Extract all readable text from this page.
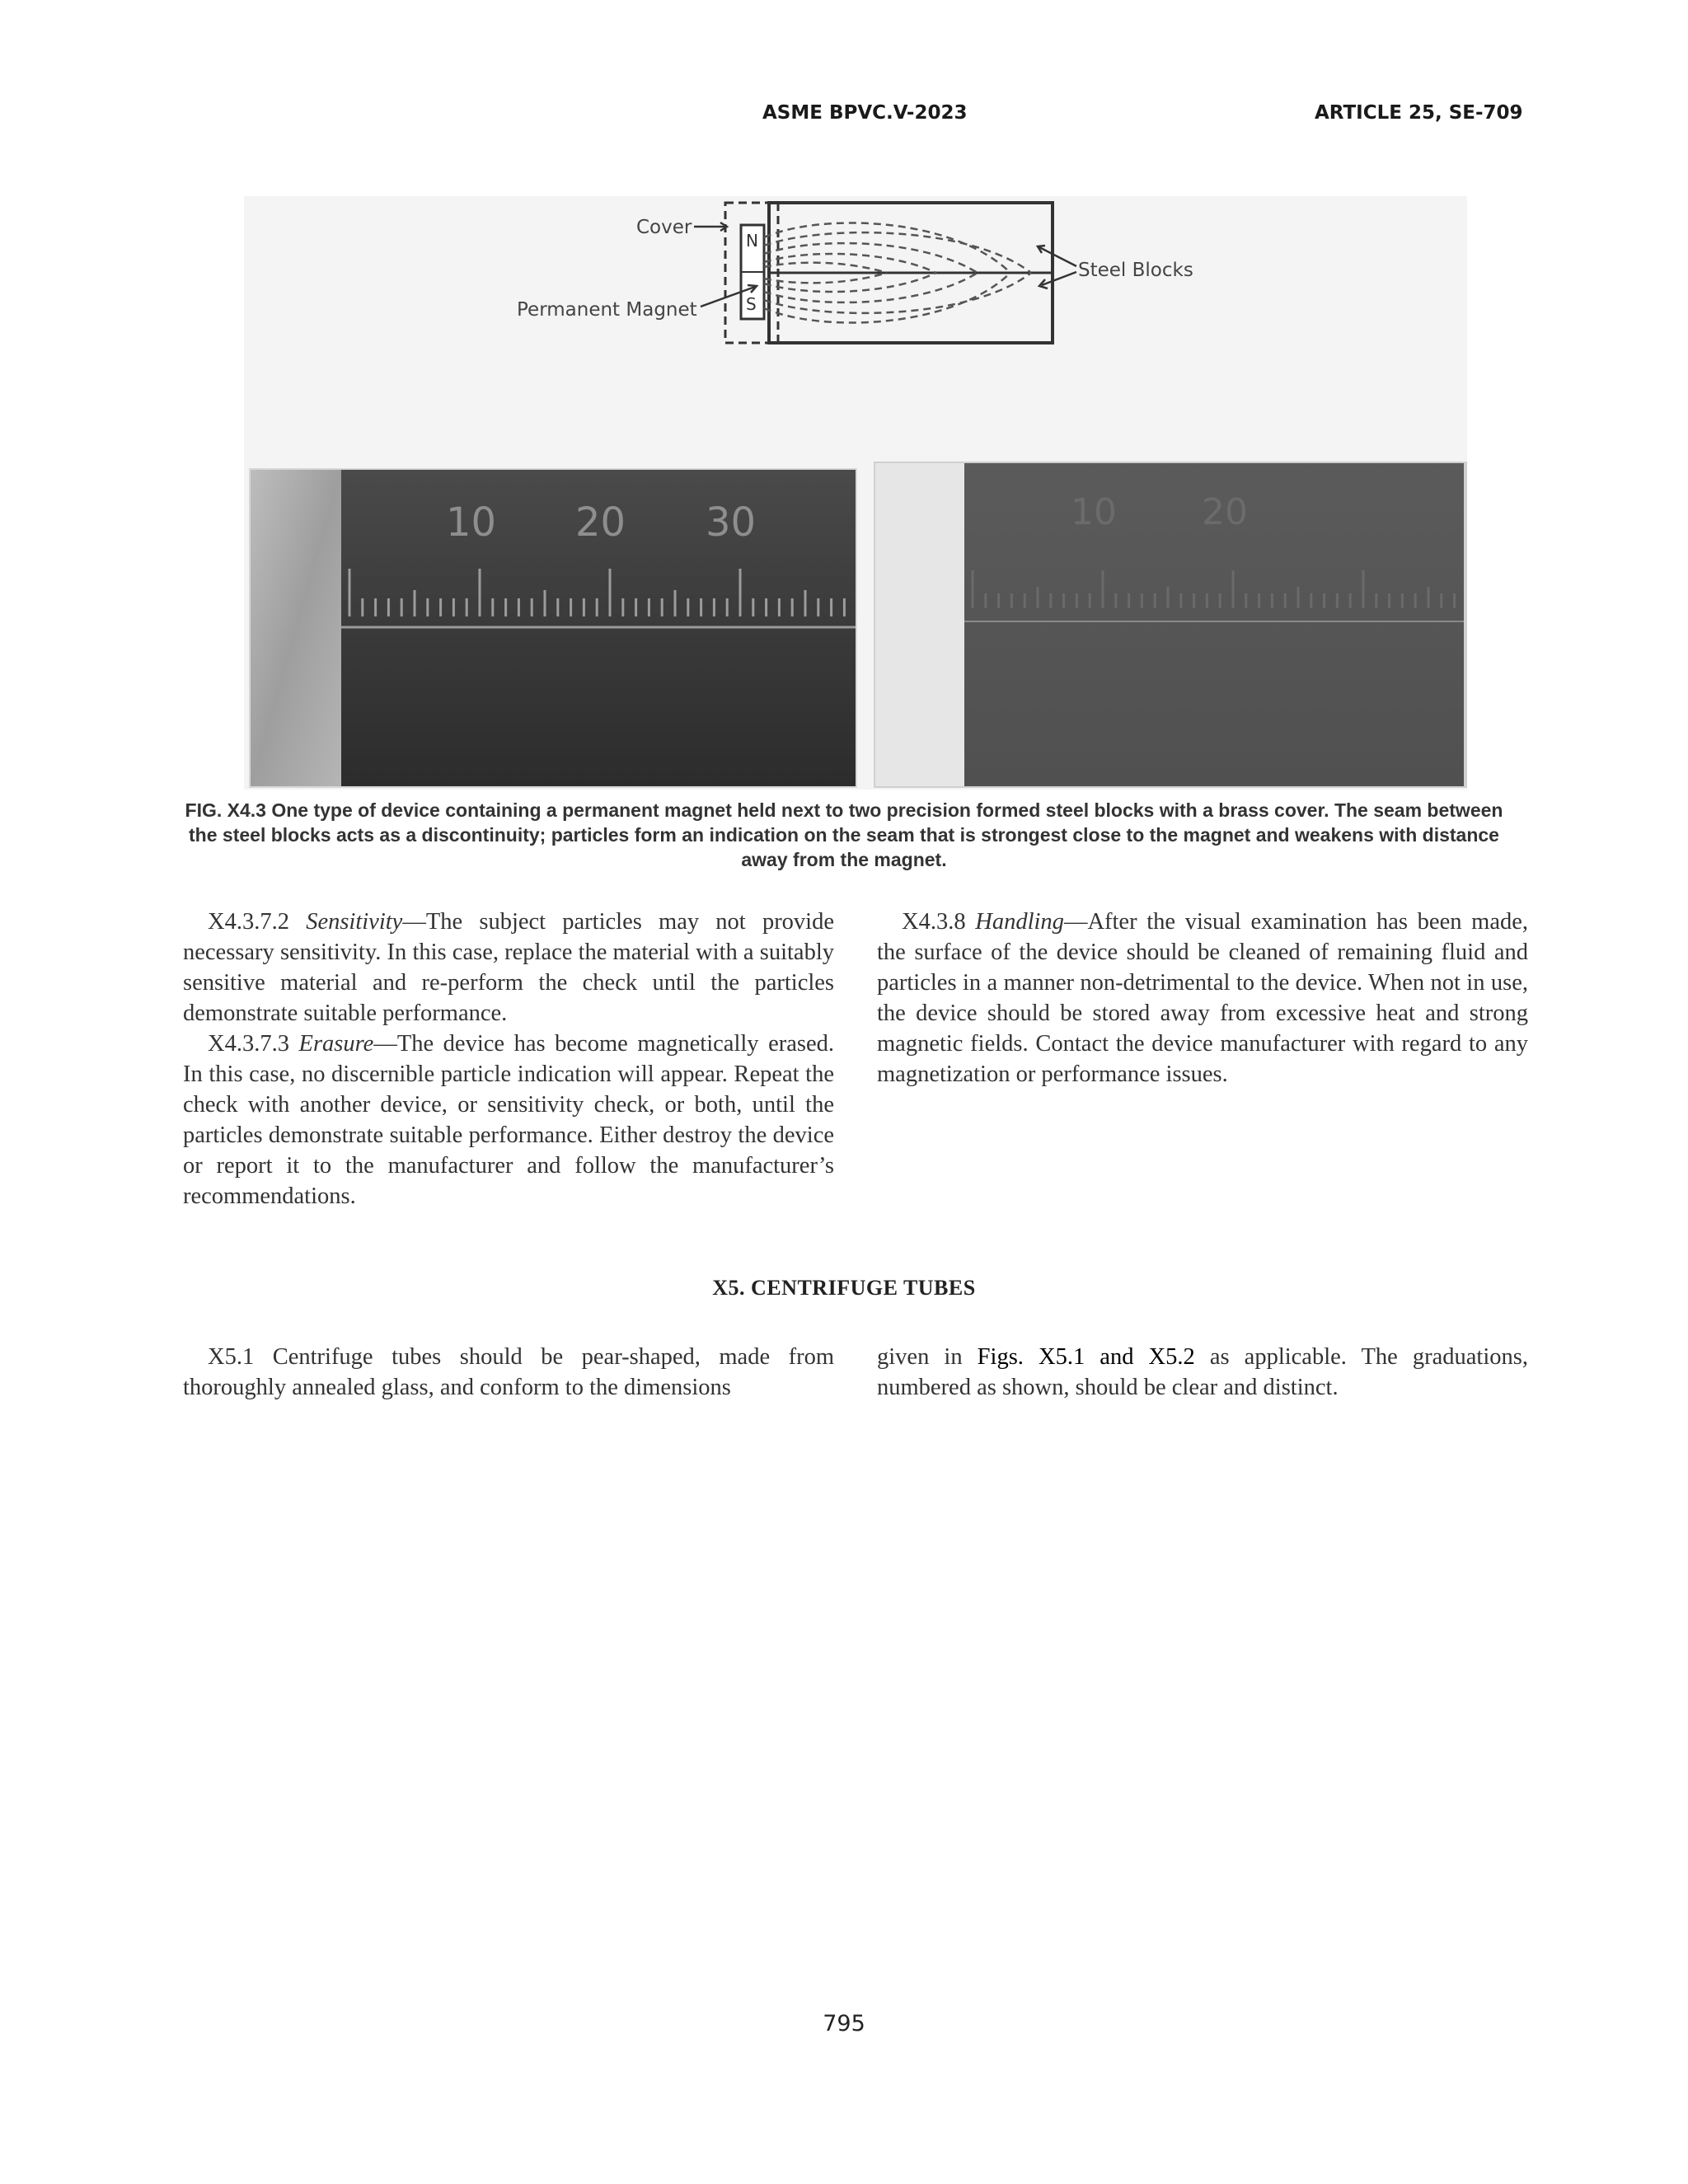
ASME BPVC.V-2023	ARTICLE 25, SE-709
Cover
Permanent Magnet
Steel Blocks
N
S
10 20 30	10 20
FIG. X4.3 One type of device containing a permanent magnet held next to two precision formed steel blocks with a brass cover. The seam between the steel blocks acts as a discontinuity; particles form an indication on the seam that is strongest close to the magnet and weakens with distance away from the magnet.

X4.3.7.2 Sensitivity—The subject particles may not provide necessary sensitivity. In this case, replace the material with a suitably sensitive material and re-perform the check until the particles demonstrate suitable performance.

X4.3.7.3 Erasure—The device has become magnetically erased. In this case, no discernible particle indication will appear. Repeat the check with another device, or sensitivity check, or both, until the particles demonstrate suitable performance. Either destroy the device or report it to the manufacturer and follow the manufacturer’s recommendations.

X4.3.8 Handling—After the visual examination has been made, the surface of the device should be cleaned of remaining fluid and particles in a manner non-detrimental to the device. When not in use, the device should be stored away from excessive heat and strong magnetic fields. Contact the device manufacturer with regard to any magnetization or performance issues.

X5. CENTRIFUGE TUBES

X5.1 Centrifuge tubes should be pear-shaped, made from thoroughly annealed glass, and conform to the dimensions

given in Figs. X5.1 and X5.2 as applicable. The graduations, numbered as shown, should be clear and distinct.

795
